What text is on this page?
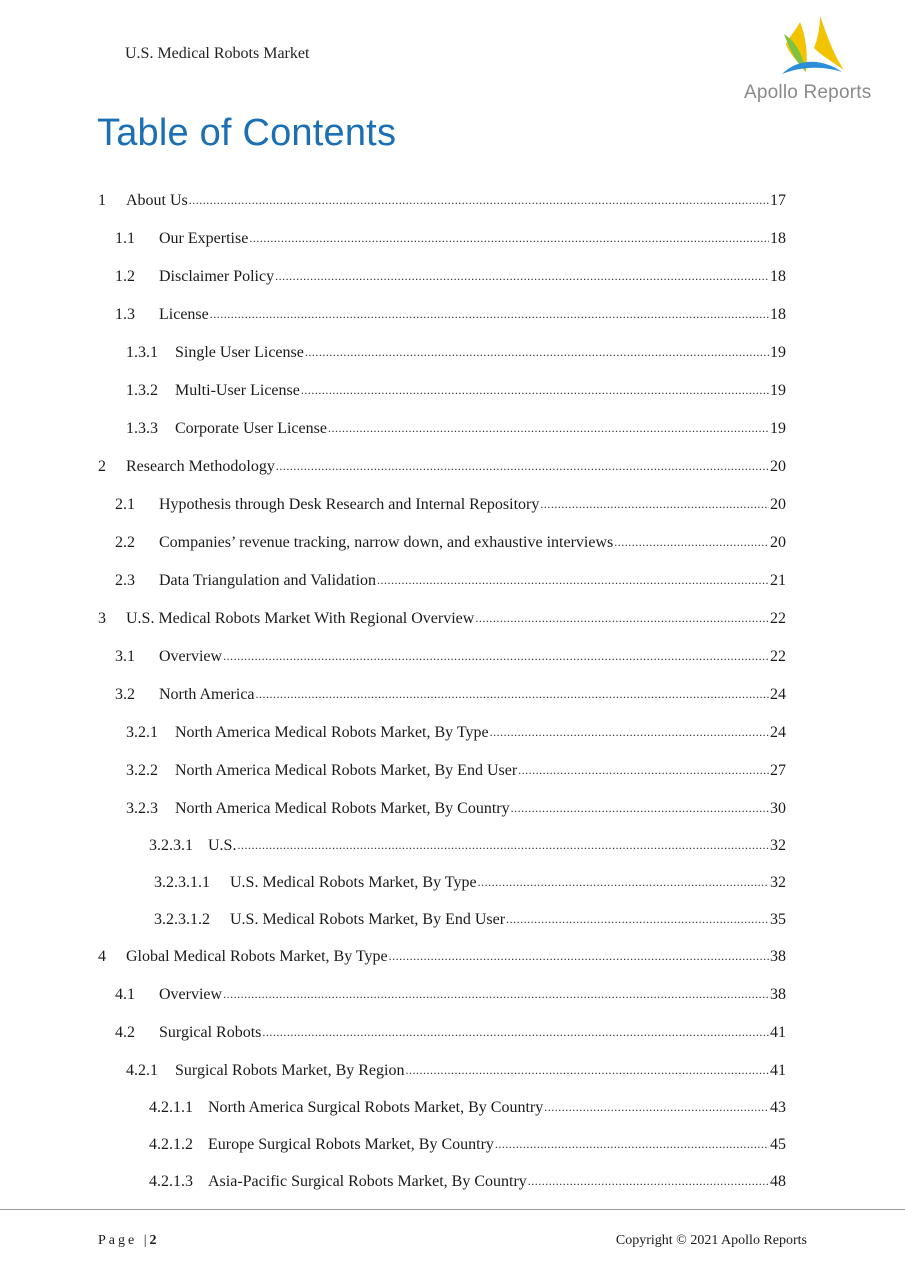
U.S. Medical Robots Market
Apollo Reports
Table of Contents
1	About Us .....	17
1.1	Our Expertise .....	18
1.2	Disclaimer Policy .....	18
1.3	License .....	18
1.3.1	Single User License .....	19
1.3.2	Multi-User License .....	19
1.3.3	Corporate User License .....	19
2	Research Methodology .....	20
2.1	Hypothesis through Desk Research and Internal Repository .....	20
2.2	Companies’ revenue tracking, narrow down, and exhaustive interviews .....	20
2.3	Data Triangulation and Validation .....	21
3	U.S. Medical Robots Market With Regional Overview .....	22
3.1	Overview .....	22
3.2	North America .....	24
3.2.1	North America Medical Robots Market, By Type .....	24
3.2.2	North America Medical Robots Market, By End User .....	27
3.2.3	North America Medical Robots Market, By Country .....	30
3.2.3.1 U.S. .....	32
3.2.3.1.1	U.S. Medical Robots Market, By Type .....	32
3.2.3.1.2	U.S. Medical Robots Market, By End User .....	35
4	Global Medical Robots Market, By Type .....	38
4.1	Overview .....	38
4.2	Surgical Robots .....	41
4.2.1	Surgical Robots Market, By Region .....	41
4.2.1.1 North America Surgical Robots Market, By Country .....	43
4.2.1.2 Europe Surgical Robots Market, By Country .....	45
4.2.1.3 Asia-Pacific Surgical Robots Market, By Country .....	48
Page |2	Copyright © 2021 Apollo Reports
